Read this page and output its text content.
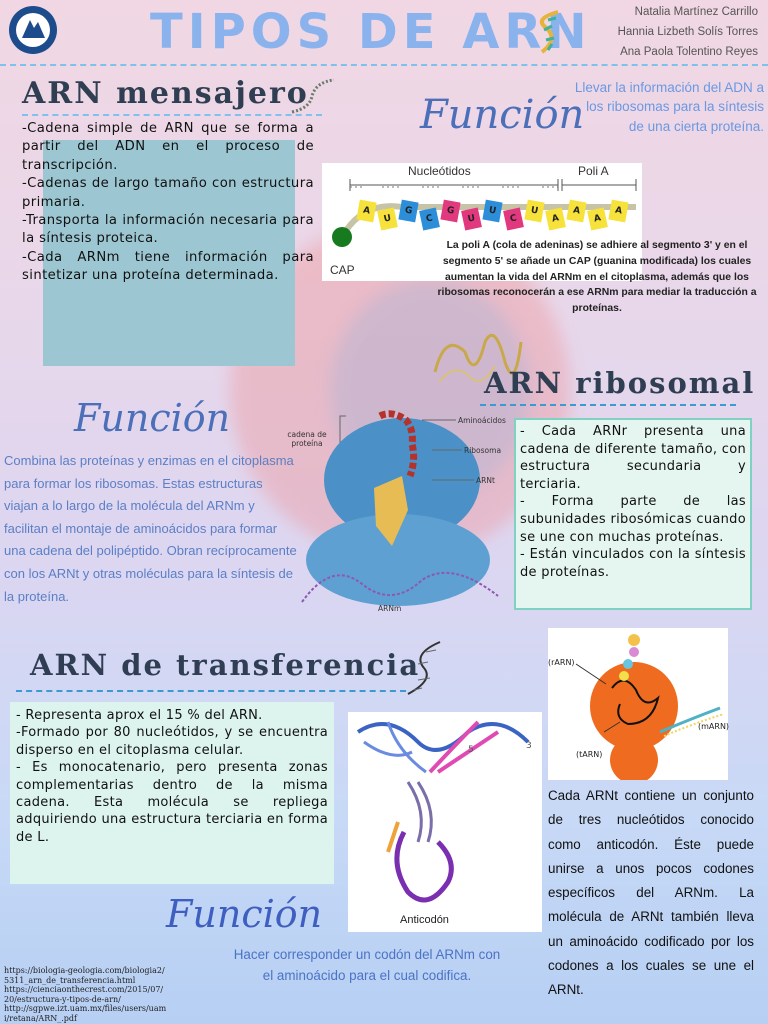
TIPOS DE ARN	Natalia Martínez Carrillo
Hannia Lizbeth Solís Torres
Ana Paola Tolentino Reyes
ARN mensajero

-Cadena simple de ARN que se forma a partir del ADN en el proceso de transcripción.

-Cadenas de largo tamaño con estructura primaria.

-Transporta la información necesaria para la síntesis proteica.

-Cada ARNm tiene información para sintetizar una proteína determinada.

Función
Llevar la información del ADN a los ribosomas para la síntesis de una cierta proteína.
Nucleótidos	Poli A
CAP
A
U
G
C
G
U
U
C
U
A
A
A
A
La poli A (cola de adeninas) se adhiere al segmento 3' y en el segmento 5' se añade un CAP (guanina modificada) los cuales aumentan la vida del ARNm en el citoplasma, además que los ribosomas reconocerán a ese ARNm para mediar la traducción a proteínas.
ARN ribosomal
Función
Combina las proteínas y enzimas en el citoplasma para formar los ribosomas. Estas estructuras viajan a lo largo de la molécula del ARNm y facilitan el montaje de aminoácidos para formar una cadena del polipéptido. Obran recíprocamente con los ARNt y otras moléculas para la síntesis de la proteína.
cadena de proteína
Aminoácidos
Ribosoma
ARNt
ARNm

- Cada ARNr presenta una cadena de diferente tamaño, con estructura secundaria y terciaria.

- Forma parte de las subunidades ribosómicas cuando se une con muchas proteínas.

- Están vinculados con la síntesis de proteínas.

ARN de transferencia

- Representa aprox el 15 % del ARN.

-Formado por 80 nucleótidos, y se encuentra disperso en el citoplasma celular.

- Es monocatenario, pero presenta zonas complementarias dentro de la misma cadena. Esta molécula se repliega adquiriendo una estructura terciaria en forma de L.

5	3
Anticodón
(rARN)
(mARN)
(tARN)
Cada ARNt contiene un conjunto de tres nucleótidos conocido como anticodón. Éste puede unirse a unos pocos codones específicos del ARNm. La molécula de ARNt también lleva un aminoácido codificado por los codones a los cuales se une el ARNt.
Función
Hacer corresponder un codón del ARNm con el aminoácido para el cual codifica.
https://biologia-geologia.com/biologia2/
5311_arn_de_transferencia.html
https://cienciaonthecrest.com/2015/07/
20/estructura-y-tipos-de-arn/
http://sgpwe.izt.uam.mx/files/users/uam
i/retana/ARN_.pdf
